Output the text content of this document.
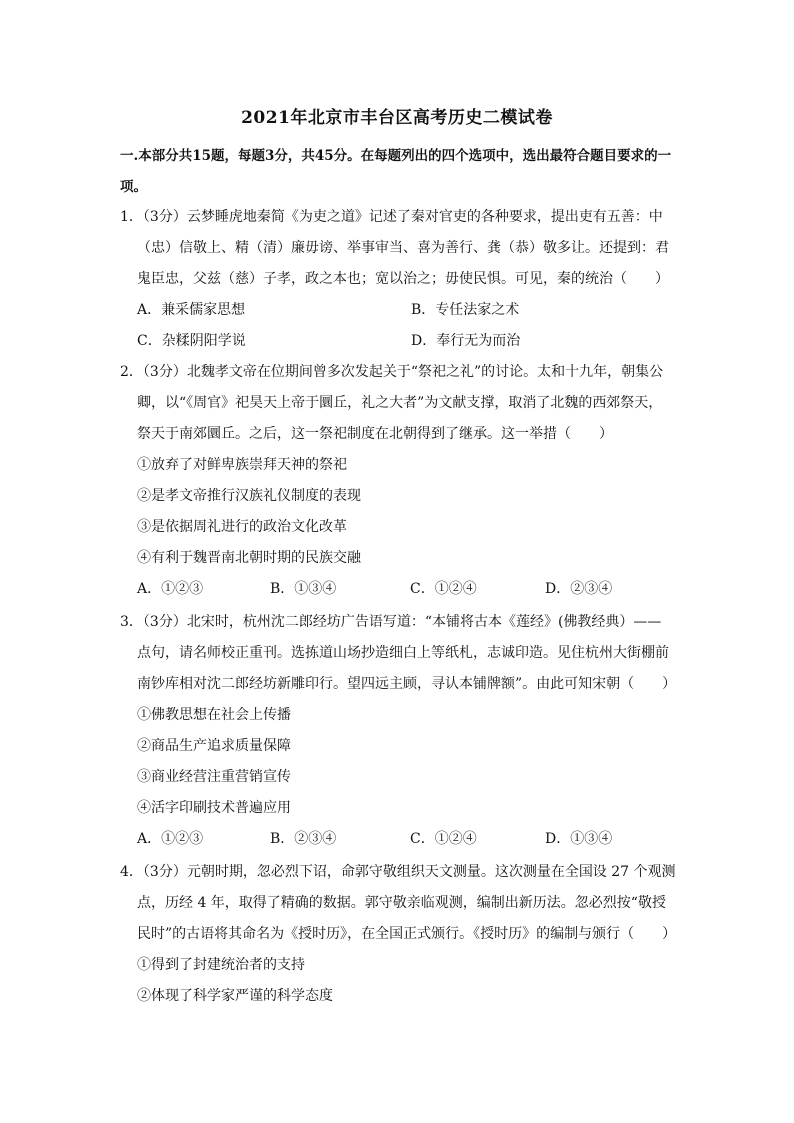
2021年北京市丰台区高考历史二模试卷
一.本部分共15题，每题3分，共45分。在每题列出的四个选项中，选出最符合题目要求的一项。
1．（3分）云梦睡虎地秦简《为吏之道》记述了秦对官吏的各种要求，提出吏有五善：中
（忠）信敬上、精（清）廉毋谤、举事审当、喜为善行、龚（恭）敬多让。还提到：君
鬼臣忠，父兹（慈）子孝，政之本也；宽以治之；毋使民惧。可见，秦的统治（　　）
A．兼采儒家思想	B．专任法家之术
C．杂糅阴阳学说	D．奉行无为而治
2．（3分）北魏孝文帝在位期间曾多次发起关于“祭祀之礼”的讨论。太和十九年，朝集公
卿，以“《周官》祀昊天上帝于圜丘，礼之大者”为文献支撑，取消了北魏的西郊祭天，
祭天于南郊圜丘。之后，这一祭祀制度在北朝得到了继承。这一举措（　　）
①放弃了对鲜卑族崇拜天神的祭祀
②是孝文帝推行汉族礼仪制度的表现
③是依据周礼进行的政治文化改革
④有利于魏晋南北朝时期的民族交融
A．①②③	B．①③④	C．①②④	D．②③④
3．（3分）北宋时，杭州沈二郎经坊广告语写道：“本铺将古本《莲经》(佛教经典）——
点句，请名师校正重刊。选拣道山场抄造细白上等纸札，志诚印造。见住杭州大街棚前
南钞库相对沈二郎经坊新雕印行。望四远主顾，寻认本铺牌额”。由此可知宋朝（　　）
①佛教思想在社会上传播
②商品生产追求质量保障
③商业经营注重营销宣传
④活字印刷技术普遍应用
A．①②③	B．②③④	C．①②④	D．①③④
4．（3分）元朝时期，忽必烈下诏，命郭守敬组织天文测量。这次测量在全国设 27 个观测
点，历经 4 年，取得了精确的数据。郭守敬亲临观测，编制出新历法。忽必烈按“敬授
民时”的古语将其命名为《授时历》，在全国正式颁行。《授时历》的编制与颁行（　　）
①得到了封建统治者的支持
②体现了科学家严谨的科学态度
